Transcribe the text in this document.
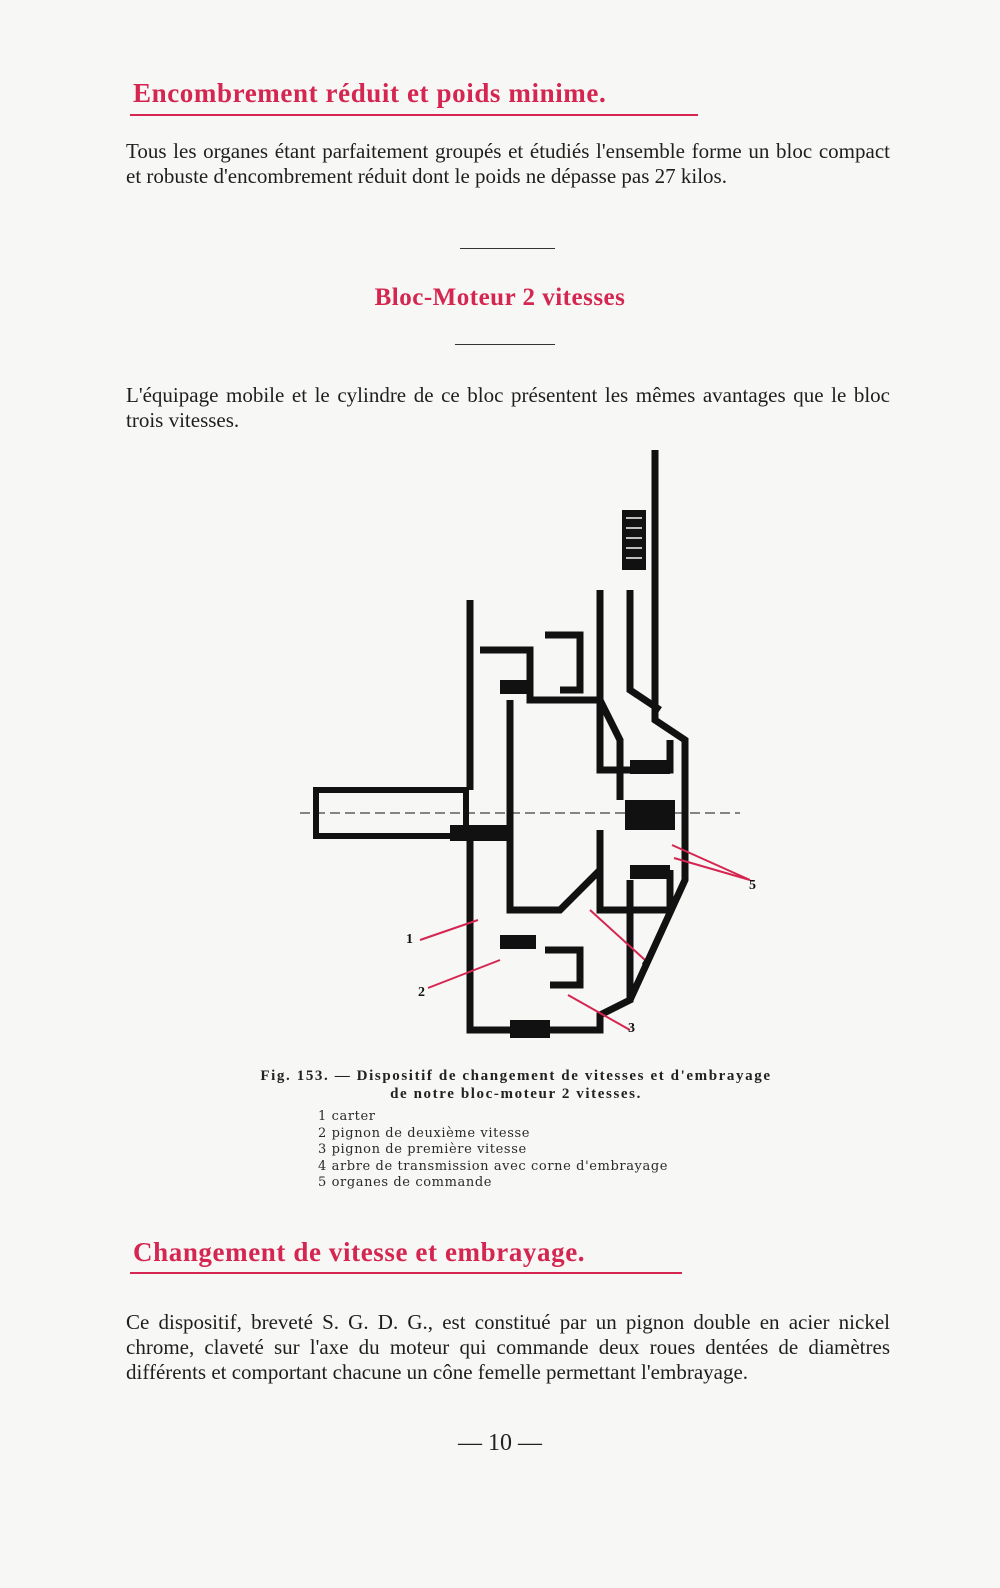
Encombrement réduit et poids minime.

Tous les organes étant parfaitement groupés et étudiés l'ensemble forme un bloc compact et robuste d'encombrement réduit dont le poids ne dépasse pas 27 kilos.

Bloc-Moteur 2 vitesses

L'équipage mobile et le cylindre de ce bloc présentent les mêmes avantages que le bloc trois vitesses.

1
2
3
4
5
Fig. 153. — Dispositif de changement de vitesses et d'embrayage
de notre bloc-moteur 2 vitesses.
1 carter
2 pignon de deuxième vitesse
3 pignon de première vitesse
4 arbre de transmission avec corne d'embrayage
5 organes de commande
Changement de vitesse et embrayage.

Ce dispositif, breveté S. G. D. G., est constitué par un pignon double en acier nickel chrome, claveté sur l'axe du moteur qui commande deux roues dentées de diamètres différents et comportant chacune un cône femelle permettant l'embrayage.

— 10 —
